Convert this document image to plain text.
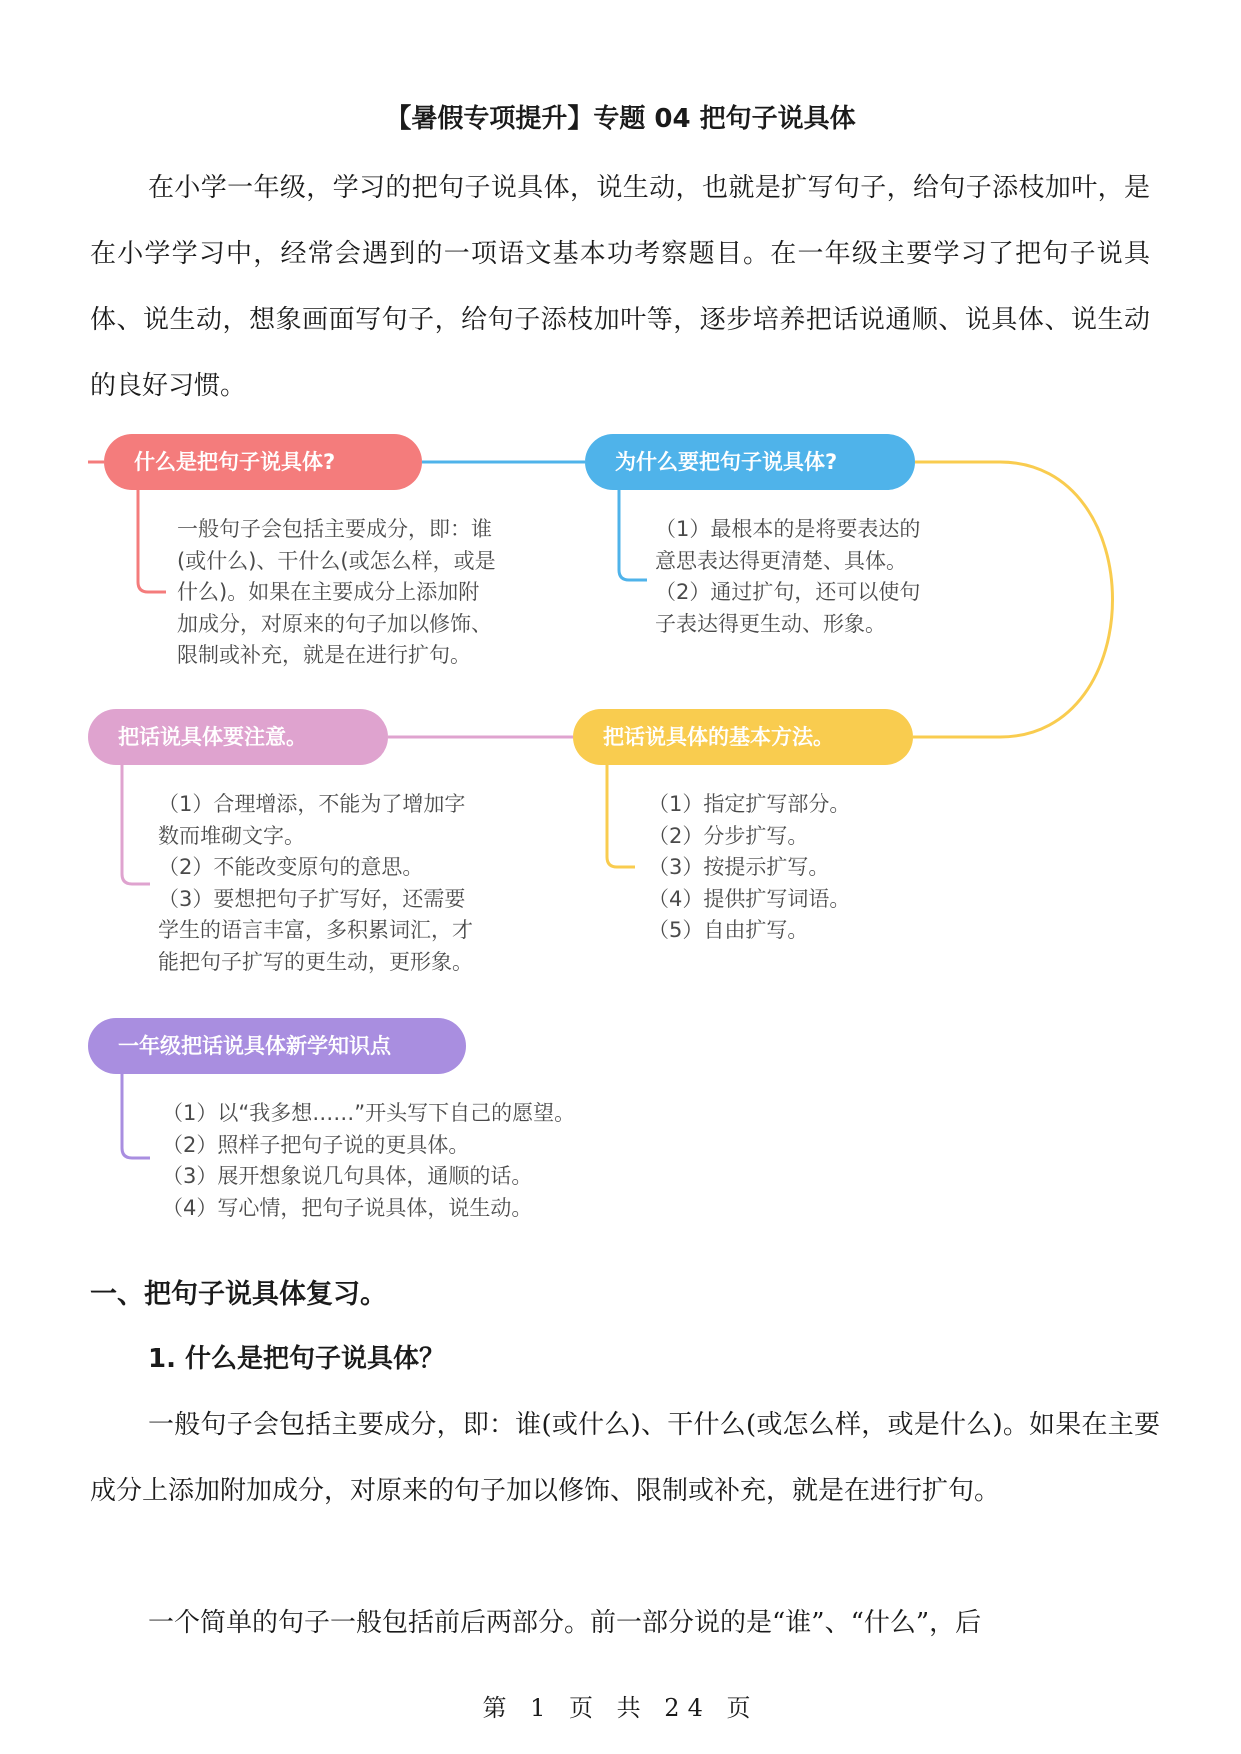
【暑假专项提升】专题 04 把句子说具体

在小学一年级，学习的把句子说具体，说生动，也就是扩写句子，给句子添枝加叶，是在小学学习中，经常会遇到的一项语文基本功考察题目。在一年级主要学习了把句子说具体、说生动，想象画面写句子，给句子添枝加叶等，逐步培养把话说通顺、说具体、说生动的良好习惯。

什么是把句子说具体?	为什么要把句子说具体?
把话说具体要注意。	把话说具体的基本方法。
一年级把话说具体新学知识点
一般句子会包括主要成分，即：谁
(或什么)、干什么(或怎么样，或是
什么)。如果在主要成分上添加附
加成分，对原来的句子加以修饰、
限制或补充，就是在进行扩句。
（1）最根本的是将要表达的
意思表达得更清楚、具体。
（2）通过扩句，还可以使句
子表达得更生动、形象。
（1）合理增添，不能为了增加字
数而堆砌文字。
（2）不能改变原句的意思。
（3）要想把句子扩写好，还需要
学生的语言丰富，多积累词汇，才
能把句子扩写的更生动，更形象。
（1）指定扩写部分。
（2）分步扩写。
（3）按提示扩写。
（4）提供扩写词语。
（5）自由扩写。
（1）以“我多想……”开头写下自己的愿望。
（2）照样子把句子说的更具体。
（3）展开想象说几句具体，通顺的话。
（4）写心情，把句子说具体，说生动。
一、把句子说具体复习。
1. 什么是把句子说具体？

一般句子会包括主要成分，即：谁(或什么)、干什么(或怎么样，或是什么)。如果在主要成分上添加附加成分，对原来的句子加以修饰、限制或补充，就是在进行扩句。

一个简单的句子一般包括前后两部分。前一部分说的是“谁”、“什么”，后

第 1 页 共 24 页
